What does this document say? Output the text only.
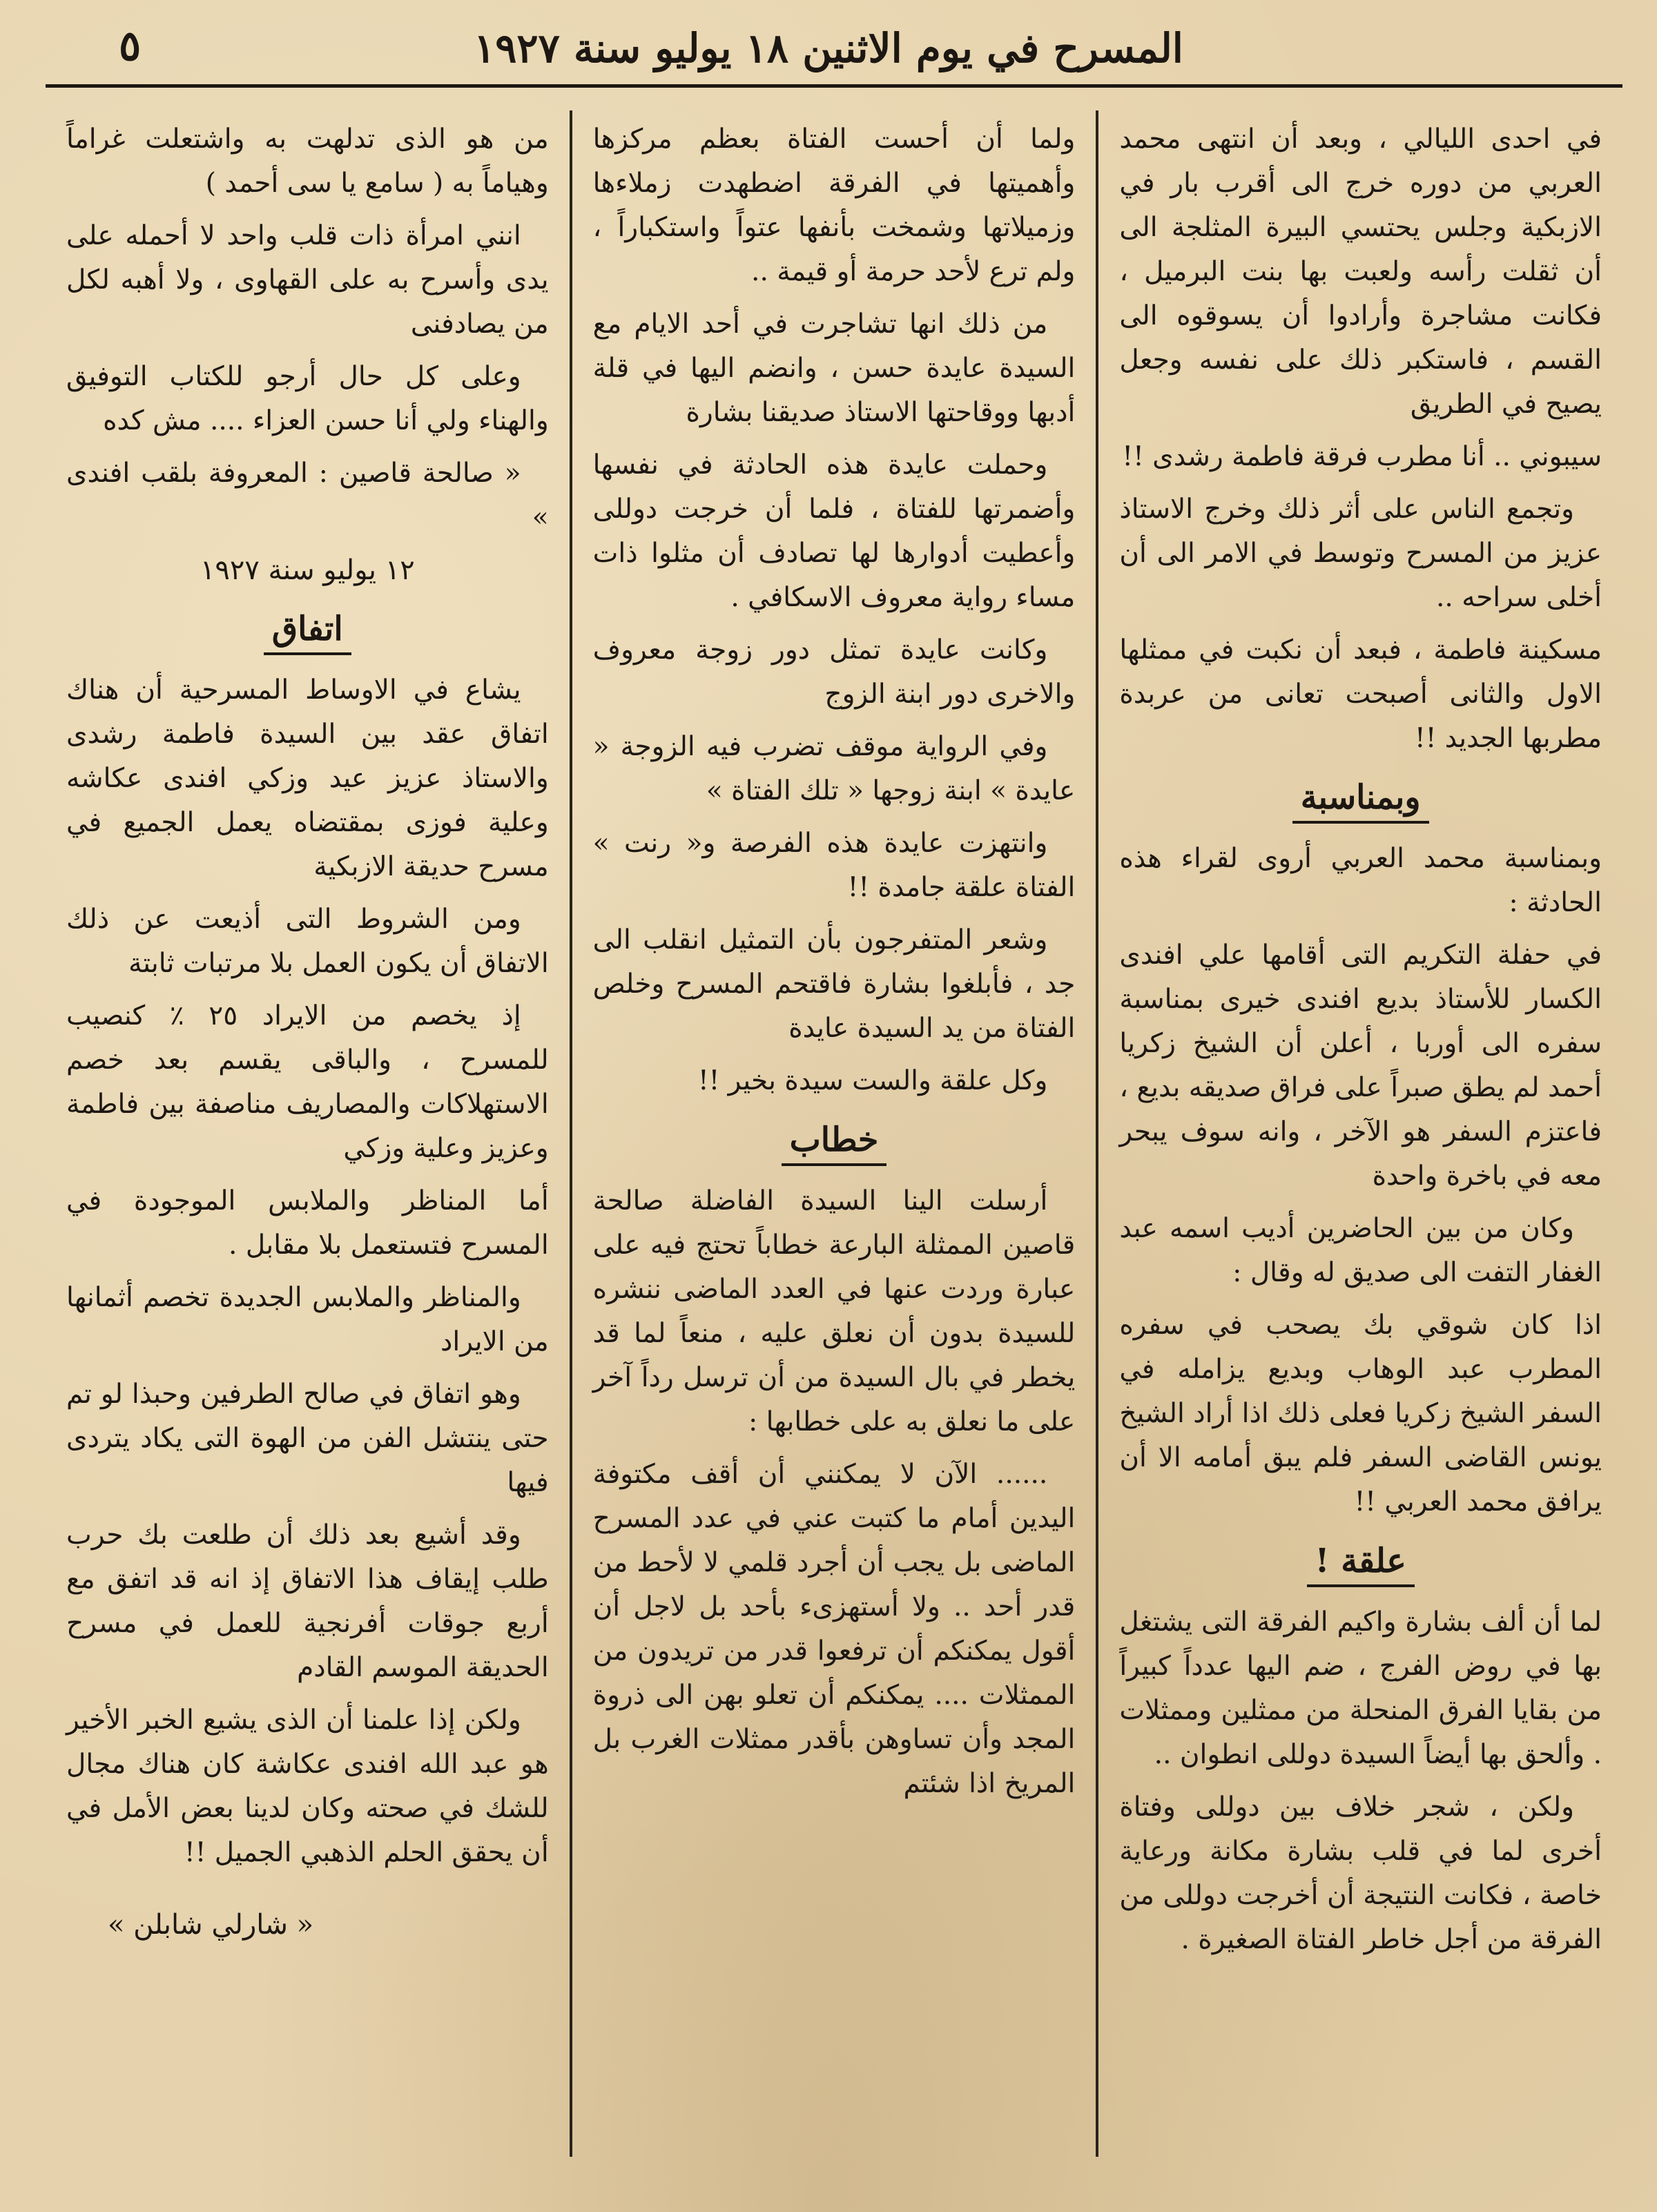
المسرح في يوم الاثنين ١٨ يوليو سنة ١٩٢٧
٥

في احدى الليالي ، وبعد أن انتهى محمد العربي من دوره خرج الى أقرب بار في الازبكية وجلس يحتسي البيرة المثلجة الى أن ثقلت رأسه ولعبت بها بنت البرميل ، فكانت مشاجرة وأرادوا أن يسوقوه الى القسم ، فاستكبر ذلك على نفسه وجعل يصيح في الطريق

سيبوني .. أنا مطرب فرقة فاطمة رشدى !!

وتجمع الناس على أثر ذلك وخرج الاستاذ عزيز من المسرح وتوسط في الامر الى أن أخلى سراحه ..

مسكينة فاطمة ، فبعد أن نكبت في ممثلها الاول والثانى أصبحت تعانى من عربدة مطربها الجديد !!

وبمناسبة

وبمناسبة محمد العربي أروى لقراء هذه الحادثة :

في حفلة التكريم التى أقامها علي افندى الكسار للأستاذ بديع افندى خيرى بمناسبة سفره الى أوربا ، أعلن أن الشيخ زكريا أحمد لم يطق صبراً على فراق صديقه بديع ، فاعتزم السفر هو الآخر ، وانه سوف يبحر معه في باخرة واحدة

وكان من بين الحاضرين أديب اسمه عبد الغفار التفت الى صديق له وقال :

اذا كان شوقي بك يصحب في سفره المطرب عبد الوهاب وبديع يزامله في السفر الشيخ زكريا فعلى ذلك اذا أراد الشيخ يونس القاضى السفر فلم يبق أمامه الا أن يرافق محمد العربي !!

علقة !

لما أن ألف بشارة واكيم الفرقة التى يشتغل بها في روض الفرج ، ضم اليها عدداً كبيراً من بقايا الفرق المنحلة من ممثلين وممثلات . وألحق بها أيضاً السيدة دوللى انطوان ..

ولكن ، شجر خلاف بين دوللى وفتاة أخرى لما في قلب بشارة مكانة ورعاية خاصة ، فكانت النتيجة أن أخرجت دوللى من الفرقة من أجل خاطر الفتاة الصغيرة .

ولما أن أحست الفتاة بعظم مركزها وأهميتها في الفرقة اضطهدت زملاءها وزميلاتها وشمخت بأنفها عتواً واستكباراً ، ولم ترع لأحد حرمة أو قيمة ..

من ذلك انها تشاجرت في أحد الايام مع السيدة عايدة حسن ، وانضم اليها في قلة أدبها ووقاحتها الاستاذ صديقنا بشارة

وحملت عايدة هذه الحادثة في نفسها وأضمرتها للفتاة ، فلما أن خرجت دوللى وأعطيت أدوارها لها تصادف أن مثلوا ذات مساء رواية معروف الاسكافي .

وكانت عايدة تمثل دور زوجة معروف والاخرى دور ابنة الزوج

وفي الرواية موقف تضرب فيه الزوجة « عايدة » ابنة زوجها « تلك الفتاة »

وانتهزت عايدة هذه الفرصة و« رنت » الفتاة علقة جامدة !!

وشعر المتفرجون بأن التمثيل انقلب الى جد ، فأبلغوا بشارة فاقتحم المسرح وخلص الفتاة من يد السيدة عايدة

وكل علقة والست سيدة بخير !!

خطاب

أرسلت الينا السيدة الفاضلة صالحة قاصين الممثلة البارعة خطاباً تحتج فيه على عبارة وردت عنها في العدد الماضى ننشره للسيدة بدون أن نعلق عليه ، منعاً لما قد يخطر في بال السيدة من أن ترسل رداً آخر على ما نعلق به على خطابها :

...... الآن لا يمكنني أن أقف مكتوفة اليدين أمام ما كتبت عني في عدد المسرح الماضى بل يجب أن أجرد قلمي لا لأحط من قدر أحد .. ولا أستهزىء بأحد بل لاجل أن أقول يمكنكم أن ترفعوا قدر من تريدون من الممثلات .... يمكنكم أن تعلو بهن الى ذروة المجد وأن تساوهن بأقدر ممثلات الغرب بل المريخ اذا شئتم

من هو الذى تدلهت به واشتعلت غراماً وهياماً به ( سامع يا سى أحمد )

انني امرأة ذات قلب واحد لا أحمله على يدى وأسرح به على القهاوى ، ولا أهبه لكل من يصادفنى

وعلى كل حال أرجو للكتاب التوفيق والهناء ولي أنا حسن العزاء .... مش كده

« صالحة قاصين : المعروفة بلقب افندى »

١٢ يوليو سنة ١٩٢٧
اتفاق

يشاع في الاوساط المسرحية أن هناك اتفاق عقد بين السيدة فاطمة رشدى والاستاذ عزيز عيد وزكي افندى عكاشه وعلية فوزى بمقتضاه يعمل الجميع في مسرح حديقة الازبكية

ومن الشروط التى أذيعت عن ذلك الاتفاق أن يكون العمل بلا مرتبات ثابتة

إذ يخصم من الايراد ٢٥ ٪ كنصيب للمسرح ، والباقى يقسم بعد خصم الاستهلاكات والمصاريف مناصفة بين فاطمة وعزيز وعلية وزكي

أما المناظر والملابس الموجودة في المسرح فتستعمل بلا مقابل .

والمناظر والملابس الجديدة تخصم أثمانها من الايراد

وهو اتفاق في صالح الطرفين وحبذا لو تم حتى ينتشل الفن من الهوة التى يكاد يتردى فيها

وقد أشيع بعد ذلك أن طلعت بك حرب طلب إيقاف هذا الاتفاق إذ انه قد اتفق مع أربع جوقات أفرنجية للعمل في مسرح الحديقة الموسم القادم

ولكن إذا علمنا أن الذى يشيع الخبر الأخير هو عبد الله افندى عكاشة كان هناك مجال للشك في صحته وكان لدينا بعض الأمل في أن يحقق الحلم الذهبي الجميل !!

« شارلي شابلن »
